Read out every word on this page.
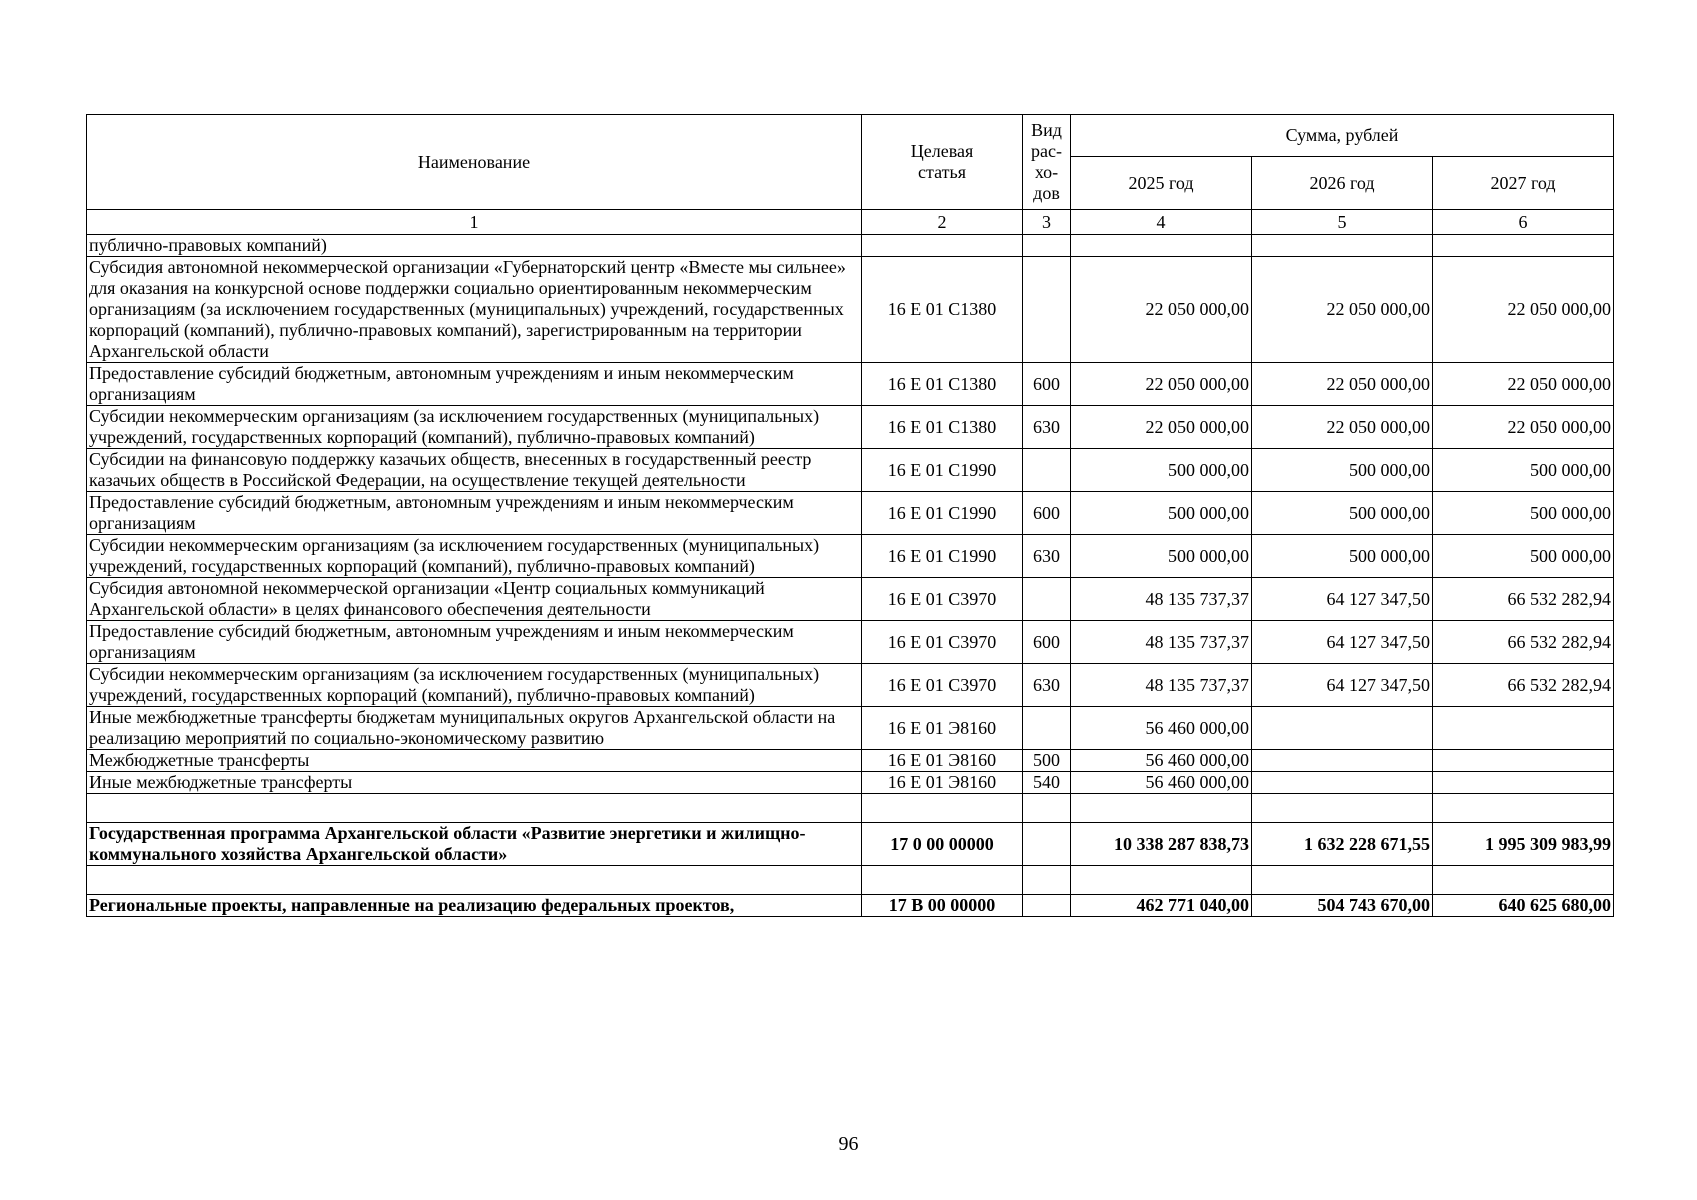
Наименование	Целевая статья	Вид рас-хо-дов	Сумма, рублей		
			2025 год	2026 год	2027 год
1	2	3	4	5	6
публично-правовых компаний)					
Субсидия автономной некоммерческой организации «Губернаторский центр «Вместе мы сильнее» для оказания на конкурсной основе поддержки социально ориентированным некоммерческим организациям (за исключением государственных (муниципальных) учреждений, государственных корпораций (компаний), публично-правовых компаний), зарегистрированным на территории Архангельской области	16 Е 01 С1380		22 050 000,00	22 050 000,00	22 050 000,00
Предоставление субсидий бюджетным, автономным учреждениям и иным некоммерческим организациям	16 Е 01 С1380	600	22 050 000,00	22 050 000,00	22 050 000,00
Субсидии некоммерческим организациям (за исключением государственных (муниципальных) учреждений, государственных корпораций (компаний), публично-правовых компаний)	16 Е 01 С1380	630	22 050 000,00	22 050 000,00	22 050 000,00
Субсидии на финансовую поддержку казачьих обществ, внесенных в государственный реестр казачьих обществ в Российской Федерации, на осуществление текущей деятельности	16 Е 01 С1990		500 000,00	500 000,00	500 000,00
Предоставление субсидий бюджетным, автономным учреждениям и иным некоммерческим организациям	16 Е 01 С1990	600	500 000,00	500 000,00	500 000,00
Субсидии некоммерческим организациям (за исключением государственных (муниципальных) учреждений, государственных корпораций (компаний), публично-правовых компаний)	16 Е 01 С1990	630	500 000,00	500 000,00	500 000,00
Субсидия автономной некоммерческой организации «Центр социальных коммуникаций Архангельской области» в целях финансового обеспечения деятельности	16 Е 01 С3970		48 135 737,37	64 127 347,50	66 532 282,94
Предоставление субсидий бюджетным, автономным учреждениям и иным некоммерческим организациям	16 Е 01 С3970	600	48 135 737,37	64 127 347,50	66 532 282,94
Субсидии некоммерческим организациям (за исключением государственных (муниципальных) учреждений, государственных корпораций (компаний), публично-правовых компаний)	16 Е 01 С3970	630	48 135 737,37	64 127 347,50	66 532 282,94
Иные межбюджетные трансферты бюджетам муниципальных округов Архангельской области на реализацию мероприятий по социально-экономическому развитию	16 Е 01 Э8160		56 460 000,00		
Межбюджетные трансферты	16 Е 01 Э8160	500	56 460 000,00		
Иные межбюджетные трансферты	16 Е 01 Э8160	540	56 460 000,00		

Государственная программа Архангельской области «Развитие энергетики и жилищно-коммунального хозяйства Архангельской области»	17 0 00 00000		10 338 287 838,73	1 632 228 671,55	1 995 309 983,99

Региональные проекты, направленные на реализацию федеральных проектов,	17 В 00 00000		462 771 040,00	504 743 670,00	640 625 680,00
96
